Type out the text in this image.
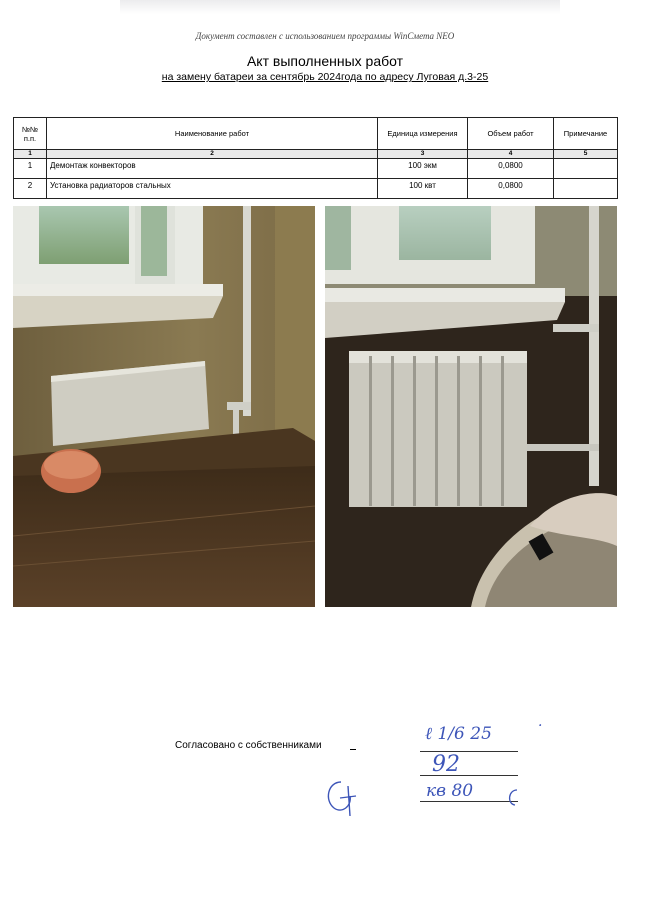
Документ составлен с использованием программы WinСмета NEO
Акт выполненных работ
на замену батареи за сентябрь 2024года по адресу Луговая д.3-25
№№ п.п.	Наименование работ	Единица измерения	Объем работ	Примечание
1	2	3	4	5
1	Демонтаж конвекторов	100 экм	0,0800	
2	Установка радиаторов стальных	100 квт	0,0800	
Согласовано с собственниками
ℓ 1/6 25	·
92
кв 80
